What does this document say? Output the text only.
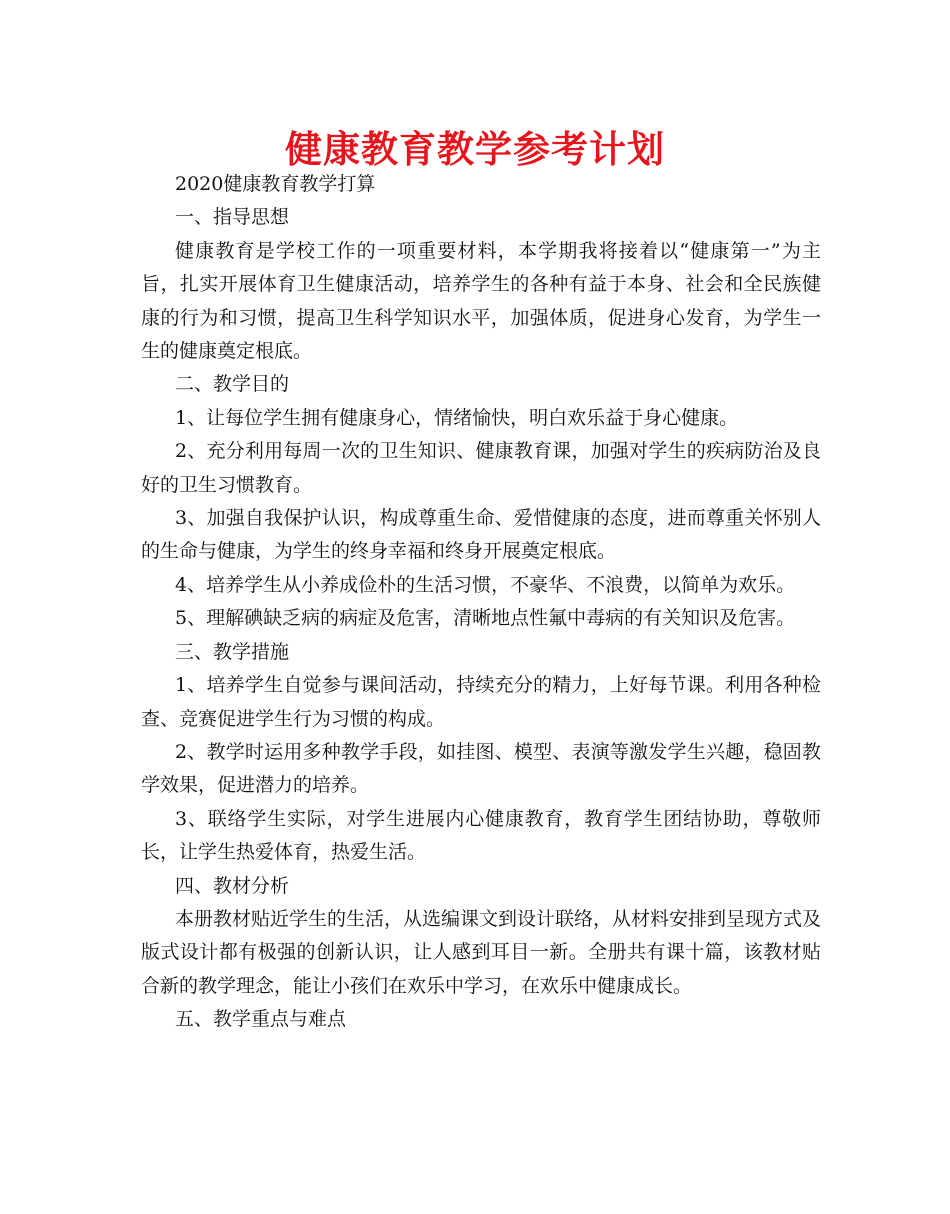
健康教育教学参考计划

2020健康教育教学打算

一、指导思想

健康教育是学校工作的一项重要材料，本学期我将接着以“健康第一”为主旨，扎实开展体育卫生健康活动，培养学生的各种有益于本身、社会和全民族健康的行为和习惯，提高卫生科学知识水平，加强体质，促进身心发育，为学生一生的健康奠定根底。

二、教学目的

1、让每位学生拥有健康身心，情绪愉快，明白欢乐益于身心健康。

2、充分利用每周一次的卫生知识、健康教育课，加强对学生的疾病防治及良好的卫生习惯教育。

3、加强自我保护认识，构成尊重生命、爱惜健康的态度，进而尊重关怀别人的生命与健康，为学生的终身幸福和终身开展奠定根底。

4、培养学生从小养成俭朴的生活习惯，不豪华、不浪费，以简单为欢乐。

5、理解碘缺乏病的病症及危害，清晰地点性氟中毒病的有关知识及危害。

三、教学措施

1、培养学生自觉参与课间活动，持续充分的精力，上好每节课。利用各种检查、竞赛促进学生行为习惯的构成。

2、教学时运用多种教学手段，如挂图、模型、表演等激发学生兴趣，稳固教学效果，促进潜力的培养。

3、联络学生实际，对学生进展内心健康教育，教育学生团结协助，尊敬师长，让学生热爱体育，热爱生活。

四、教材分析

本册教材贴近学生的生活，从选编课文到设计联络，从材料安排到呈现方式及版式设计都有极强的创新认识，让人感到耳目一新。全册共有课十篇，该教材贴合新的教学理念，能让小孩们在欢乐中学习，在欢乐中健康成长。

五、教学重点与难点
